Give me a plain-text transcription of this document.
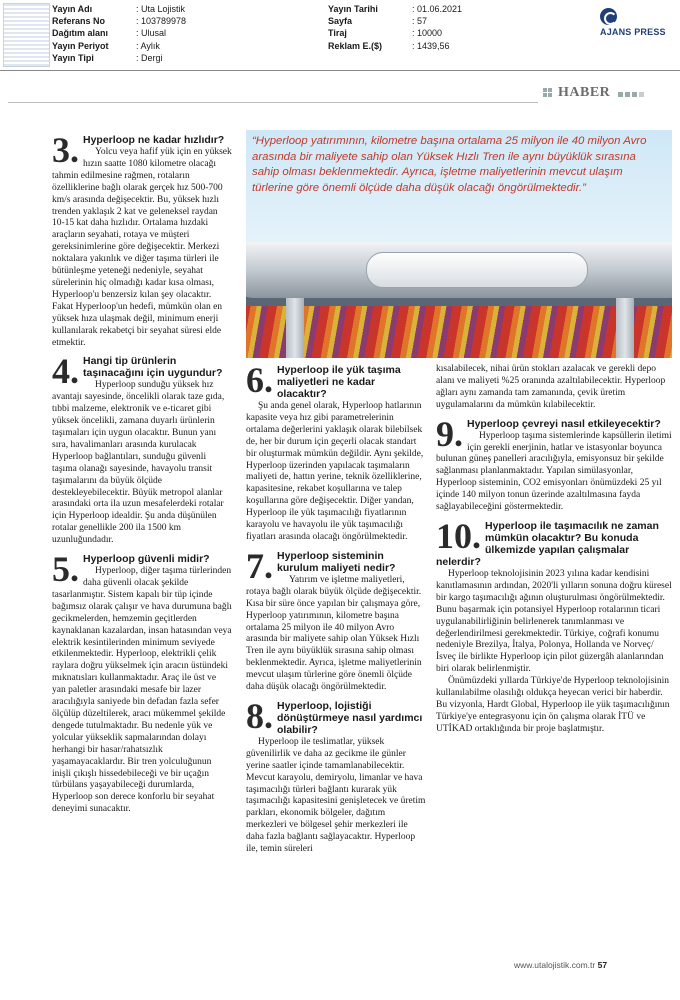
Yayın Adı	: Uta Lojistik
Referans No	: 103789978
Dağıtım alanı	: Ulusal
Yayın Periyot	: Aylık
Yayın Tipi	: Dergi
Yayın Tarihi	: 01.06.2021
Sayfa	: 57
Tiraj	: 10000
Reklam E.($)	: 1439,56
AJANS PRESS
HABER

“Hyperloop yatırımının, kilometre başına ortalama 25 milyon ile 40 milyon Avro arasında bir maliyete sahip olan Yüksek Hızlı Tren ile aynı büyüklük sırasına sahip olması beklenmektedir. Ayrıca, işletme maliyetlerinin mevcut ulaşım türlerine göre önemli ölçüde daha düşük olacağı öngörülmektedir.”

3. Hyperloop ne kadar hızlıdır?

Yolcu veya hafif yük için en yüksek hızın saatte 1080 kilometre olacağı tahmin edilmesine rağmen, rotaların özelliklerine bağlı olarak gerçek hız 500-700 km/s arasında değişecektir. Bu, yüksek hızlı trenden yaklaşık 2 kat ve geleneksel raydan 10-15 kat daha hızlıdır. Ortalama hızdaki araçların seyahati, rotaya ve müşteri gereksinimlerine göre değişecektir. Merkezi noktalara yakınlık ve diğer taşıma türleri ile bütünleşme yeteneği nedeniyle, seyahat sürelerinin hiç olmadığı kadar kısa olması, Hyperloop'u benzersiz kılan şey olacaktır. Fakat Hyperloop'un hedefi, mümkün olan en yüksek hıza ulaşmak değil, minimum enerji kullanılarak rekabetçi bir seyahat süresi elde etmektir.

4. Hangi tip ürünlerin taşınacağını için uygundur?

Hyperloop sunduğu yüksek hız avantajı sayesinde, öncelikli olarak taze gıda, tıbbi malzeme, elektronik ve e-ticaret gibi yüksek öncelikli, zamana duyarlı ürünlerin taşımaları için uygun olacaktır. Bunun yanı sıra, havalimanları arasında kurulacak Hyperloop bağlantıları, sunduğu güvenli taşıma olanağı sayesinde, havayolu transit taşımalarını da büyük ölçüde destekleyebilecektir. Büyük metropol alanlar arasındaki orta ila uzun mesafelerdeki rotalar için Hyperloop idealdir. Şu anda düşünülen rotalar genellikle 200 ila 1500 km uzunluğundadır.

5. Hyperloop güvenli midir?

Hyperloop, diğer taşıma türlerinden daha güvenli olacak şekilde tasarlanmıştır. Sistem kapalı bir tüp içinde bağımsız olarak çalışır ve hava durumuna bağlı gecikmelerden, hemzemin geçitlerden kaynaklanan kazalardan, insan hatasından veya elektrik kesintilerinden minimum seviyede etkilenmektedir. Hyperloop, elektrikli çelik raylara doğru yükselmek için aracın üstündeki mıknatısları kullanmaktadır. Araç ile üst ve yan paletler arasındaki mesafe bir lazer aracılığıyla saniyede bin defadan fazla sefer ölçülüp düzeltilerek, aracı mükemmel şekilde dengede tutulmaktadır. Bu nedenle yük ve yolcular yükseklik sapmalarından dolayı herhangi bir hasar/rahatsızlık yaşamayacaklardır. Bir tren yolculuğunun inişli çıkışlı hissedebileceği ve bir uçağın türbülans yaşayabileceği durumlarda, Hyperloop son derece konforlu bir seyahat deneyimi sunacaktır.

6. Hyperloop ile yük taşıma maliyetleri ne kadar olacaktır?

Şu anda genel olarak, Hyperloop hatlarının kapasite veya hız gibi parametrelerinin ortalama değerlerini yaklaşık olarak bilebilsek de, her bir durum için geçerli olacak standart bir oluşturmak mümkün değildir. Aynı şekilde, Hyperloop üzerinden yapılacak taşımaların maliyeti de, hattın yerine, teknik özelliklerine, kapasitesine, rekabet koşullarına ve talep koşullarına göre değişecektir. Diğer yandan, Hyperloop ile yük taşımacılığı fiyatlarının karayolu ve havayolu ile yük taşımacılığı fiyatları arasında olacağı öngörülmektedir.

7. Hyperloop sisteminin kurulum maliyeti nedir?

Yatırım ve işletme maliyetleri, rotaya bağlı olarak büyük ölçüde değişecektir. Kısa bir süre önce yapılan bir çalışmaya göre, Hyperloop yatırımının, kilometre başına ortalama 25 milyon ile 40 milyon Avro arasında bir maliyete sahip olan Yüksek Hızlı Tren ile aynı büyüklük sırasına sahip olması beklenmektedir. Ayrıca, işletme maliyetlerinin mevcut ulaşım türlerine göre önemli ölçüde daha düşük olacağı öngörülmektedir.

8. Hyperloop, lojistiği dönüştürmeye nasıl yardımcı olabilir?

Hyperloop ile teslimatlar, yüksek güvenilirlik ve daha az gecikme ile günler yerine saatler içinde tamamlanabilecektir. Mevcut karayolu, demiryolu, limanlar ve hava taşımacılığı türleri bağlantı kurarak yük taşımacılığı kapasitesini genişletecek ve üretim parkları, ekonomik bölgeler, dağıtım merkezleri ve bölgesel şehir merkezleri ile daha fazla bağlantı sağlayacaktır. Hyperloop ile, temin süreleri

kısalabilecek, nihai ürün stokları azalacak ve gerekli depo alanı ve maliyeti %25 oranında azaltılabilecektir. Hyperloop ağları aynı zamanda tam zamanında, çevik üretim uygulamalarını da mümkün kılabilecektir.

9. Hyperloop çevreyi nasıl etkileyecektir?

Hyperloop taşıma sistemlerinde kapsüllerin iletimi için gerekli enerjinin, hatlar ve istasyonlar boyunca bulunan güneş panelleri aracılığıyla, emisyonsuz bir şekilde sağlanması planlanmaktadır. Yapılan simülasyonlar, Hyperloop sisteminin, CO2 emisyonları önümüzdeki 25 yıl içinde 140 milyon tonun üzerinde azaltılmasına fayda sağlayabileceğini göstermektedir.

10. Hyperloop ile taşımacılık ne zaman mümkün olacaktır? Bu konuda ülkemizde yapılan çalışmalar nelerdir?

Hyperloop teknolojisinin 2023 yılına kadar kendisini kanıtlamasının ardından, 2020'li yılların sonuna doğru küresel bir kargo taşımacılığı ağının oluşturulması öngörülmektedir. Bunu başarmak için potansiyel Hyperloop rotalarının ticari uygulanabilirliğinin belirlenerek tanımlanması ve değerlendirilmesi gerekmektedir. Türkiye, coğrafi konumu nedeniyle Brezilya, İtalya, Polonya, Hollanda ve Norveç/İsveç ile birlikte Hyperloop için pilot güzergâh alanlarından biri olarak belirlenmiştir.

Önümüzdeki yıllarda Türkiye'de Hyperloop teknolojisinin kullanılabilme olasılığı oldukça heyecan verici bir haberdir. Bu vizyonla, Hardt Global, Hyperloop ile yük taşımacılığının Türkiye'ye entegrasyonu için ön çalışma olarak İTÜ ve UTİKAD ortaklığında bir proje başlatmıştır.

www.utalojistik.com.tr 57
